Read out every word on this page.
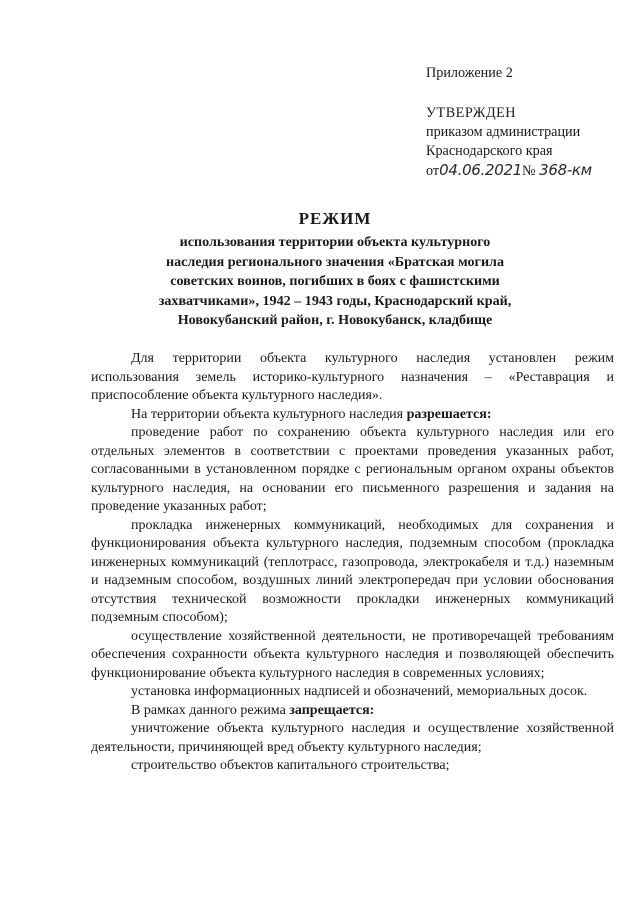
Приложение 2
УТВЕРЖДЕН
приказом администрации
Краснодарского края
от04.06.2021№ 368-км
РЕЖИМ
использования территории объекта культурного наследия регионального значения «Братская могила советских воинов, погибших в боях с фашистскими захватчиками», 1942 – 1943 годы, Краснодарский край, Новокубанский район, г. Новокубанск, кладбище

Для территории объекта культурного наследия установлен режим использования земель историко-культурного назначения – «Реставрация и приспособление объекта культурного наследия».

На территории объекта культурного наследия разрешается:

проведение работ по сохранению объекта культурного наследия или его отдельных элементов в соответствии с проектами проведения указанных работ, согласованными в установленном порядке с региональным органом охраны объектов культурного наследия, на основании его письменного разрешения и задания на проведение указанных работ;

прокладка инженерных коммуникаций, необходимых для сохранения и функционирования объекта культурного наследия, подземным способом (прокладка инженерных коммуникаций (теплотрасс, газопровода, электрокабеля и т.д.) наземным и надземным способом, воздушных линий электропередач при условии обоснования отсутствия технической возможности прокладки инженерных коммуникаций подземным способом);

осуществление хозяйственной деятельности, не противоречащей требованиям обеспечения сохранности объекта культурного наследия и позволяющей обеспечить функционирование объекта культурного наследия в современных условиях;

установка информационных надписей и обозначений, мемориальных досок.

В рамках данного режима запрещается:

уничтожение объекта культурного наследия и осуществление хозяйственной деятельности, причиняющей вред объекту культурного наследия;

строительство объектов капитального строительства;
